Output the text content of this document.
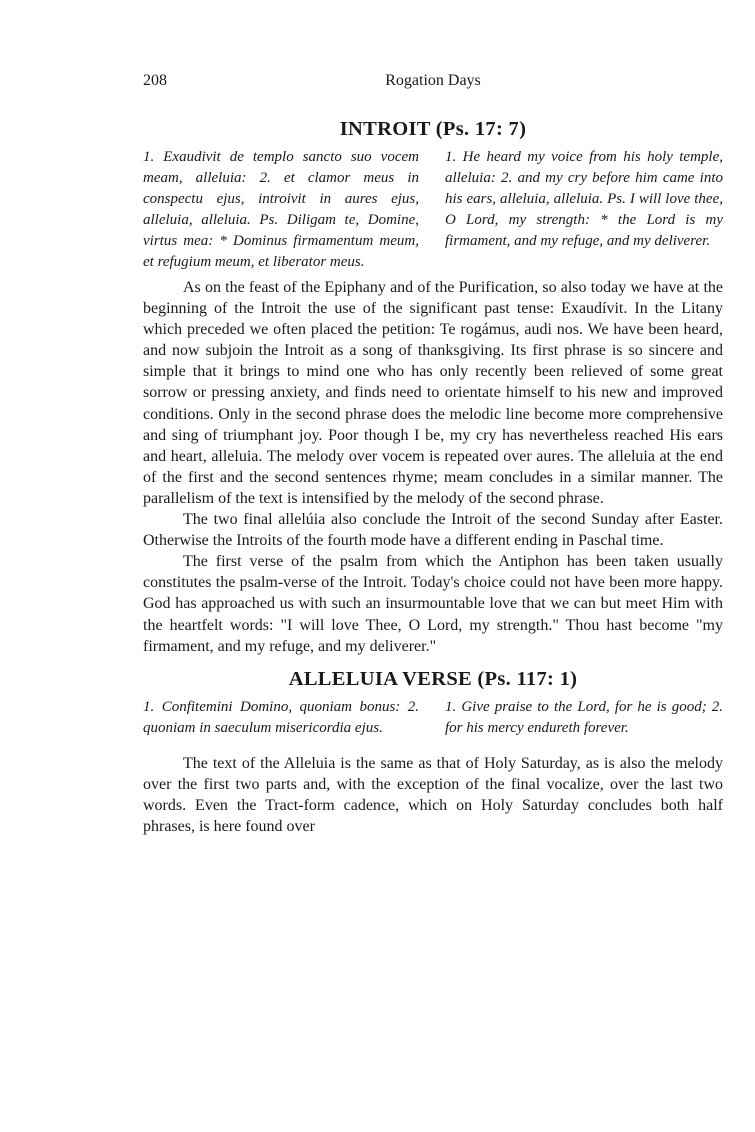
208	Rogation Days
INTROIT (Ps. 17: 7)
1. Exaudivit de templo sancto suo vocem meam, alleluia: 2. et clamor meus in conspectu ejus, introivit in aures ejus, alleluia, alleluia. Ps. Diligam te, Domine, virtus mea: * Dominus firmamentum meum, et refugium meum, et liberator meus.
1. He heard my voice from his holy temple, alleluia: 2. and my cry before him came into his ears, alleluia, alleluia. Ps. I will love thee, O Lord, my strength: * the Lord is my firmament, and my refuge, and my deliverer.

As on the feast of the Epiphany and of the Purification, so also today we have at the beginning of the Introit the use of the significant past tense: Exaudívit. In the Litany which preceded we often placed the petition: Te rogámus, audi nos. We have been heard, and now subjoin the Introit as a song of thanksgiving. Its first phrase is so sincere and simple that it brings to mind one who has only recently been relieved of some great sorrow or pressing anxiety, and finds need to orientate himself to his new and improved conditions. Only in the second phrase does the melodic line become more comprehensive and sing of triumphant joy. Poor though I be, my cry has nevertheless reached His ears and heart, alleluia. The melody over vocem is repeated over aures. The alleluia at the end of the first and the second sentences rhyme; meam concludes in a similar manner. The parallelism of the text is intensified by the melody of the second phrase.

The two final allelúia also conclude the Introit of the second Sunday after Easter. Otherwise the Introits of the fourth mode have a different ending in Paschal time.

The first verse of the psalm from which the Antiphon has been taken usually constitutes the psalm-verse of the Introit. Today's choice could not have been more happy. God has approached us with such an insurmountable love that we can but meet Him with the heartfelt words: "I will love Thee, O Lord, my strength." Thou hast become "my firmament, and my refuge, and my deliverer."

ALLELUIA VERSE (Ps. 117: 1)
1. Confitemini Domino, quoniam bonus: 2. quoniam in saeculum misericordia ejus.
1. Give praise to the Lord, for he is good; 2. for his mercy endureth forever.

The text of the Alleluia is the same as that of Holy Saturday, as is also the melody over the first two parts and, with the exception of the final vocalize, over the last two words. Even the Tract-form cadence, which on Holy Saturday concludes both half phrases, is here found over
